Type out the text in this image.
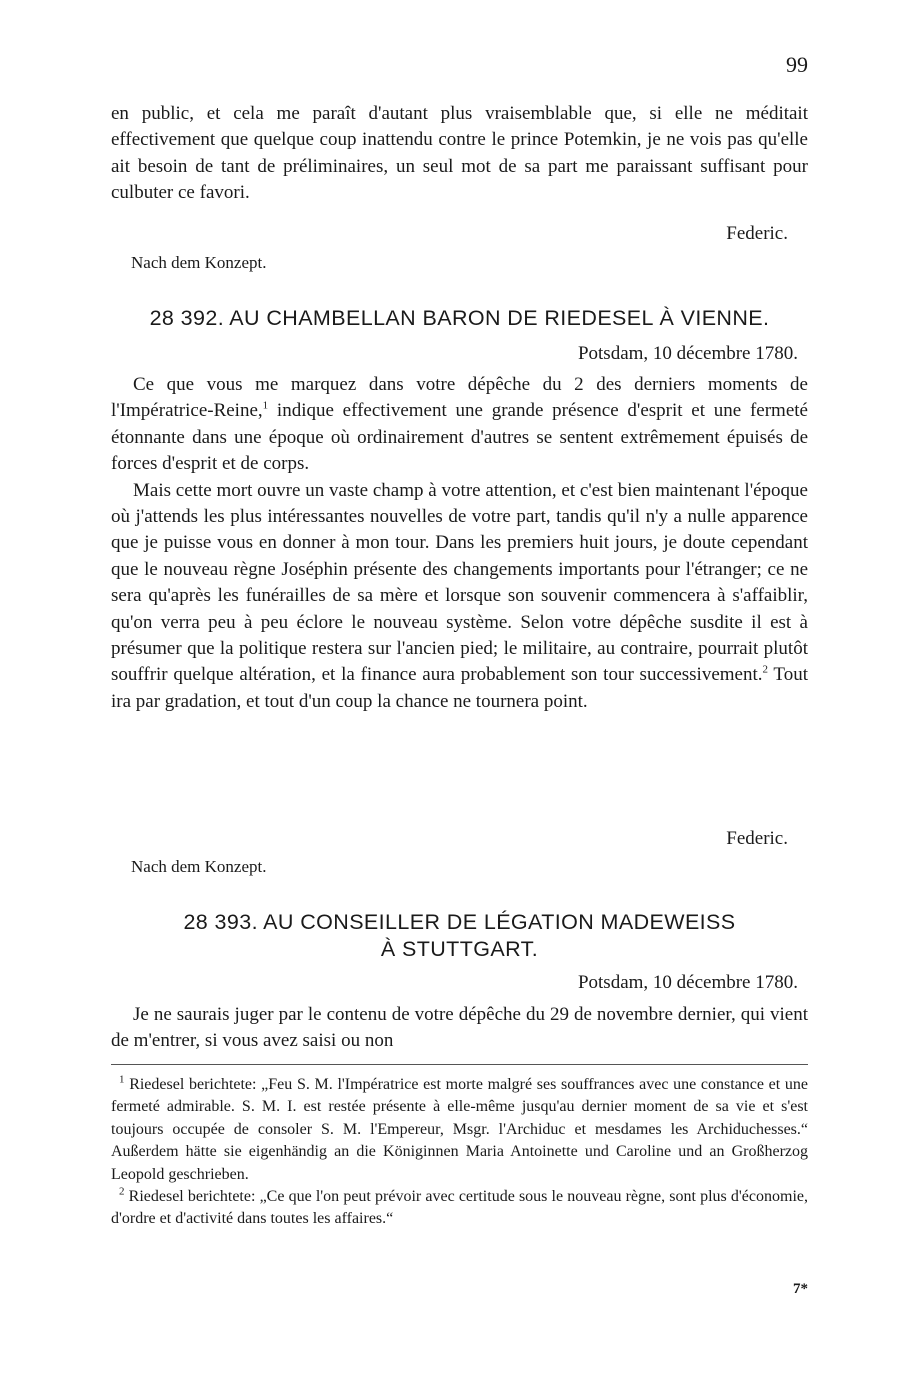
99

en public, et cela me paraît d'autant plus vraisemblable que, si elle ne méditait effectivement que quelque coup inattendu contre le prince Potemkin, je ne vois pas qu'elle ait besoin de tant de préliminaires, un seul mot de sa part me paraissant suffisant pour culbuter ce favori.

Federic.

Nach dem Konzept.

28 392. AU CHAMBELLAN BARON DE RIEDESEL À VIENNE.

Potsdam, 10 décembre 1780.

Ce que vous me marquez dans votre dépêche du 2 des derniers moments de l'Impératrice-Reine,$^1$ indique effectivement une grande présence d'esprit et une fermeté étonnante dans une époque où ordinairement d'autres se sentent extrêmement épuisés de forces d'esprit et de corps.

Mais cette mort ouvre un vaste champ à votre attention, et c'est bien maintenant l'époque où j'attends les plus intéressantes nouvelles de votre part, tandis qu'il n'y a nulle apparence que je puisse vous en donner à mon tour. Dans les premiers huit jours, je doute cependant que le nouveau règne Joséphin présente des changements importants pour l'étranger; ce ne sera qu'après les funérailles de sa mère et lorsque son souvenir commencera à s'affaiblir, qu'on verra peu à peu éclore le nouveau système. Selon votre dépêche susdite il est à présumer que la politique restera sur l'ancien pied; le militaire, au contraire, pourrait plutôt souffrir quelque altération, et la finance aura probablement son tour successivement.$^2$ Tout ira par gradation, et tout d'un coup la chance ne tournera point.

Federic.

Nach dem Konzept.

28 393. AU CONSEILLER DE LÉGATION MADEWEISS

À STUTTGART.

Potsdam, 10 décembre 1780.

Je ne saurais juger par le contenu de votre dépêche du 29 de novembre dernier, qui vient de m'entrer, si vous avez saisi ou non

$^1$ Riedesel berichtete: „Feu S. M. l'Impératrice est morte malgré ses souffrances avec une constance et une fermeté admirable. S. M. I. est restée présente à elle-même jusqu'au dernier moment de sa vie et s'est toujours occupée de consoler S. M. l'Empereur, Msgr. l'Archiduc et mesdames les Archiduchesses.“ Außerdem hätte sie eigenhändig an die Königinnen Maria Antoinette und Caroline und an Großherzog Leopold geschrieben.

$^2$ Riedesel berichtete: „Ce que l'on peut prévoir avec certitude sous le nouveau règne, sont plus d'économie, d'ordre et d'activité dans toutes les affaires.“

7*
